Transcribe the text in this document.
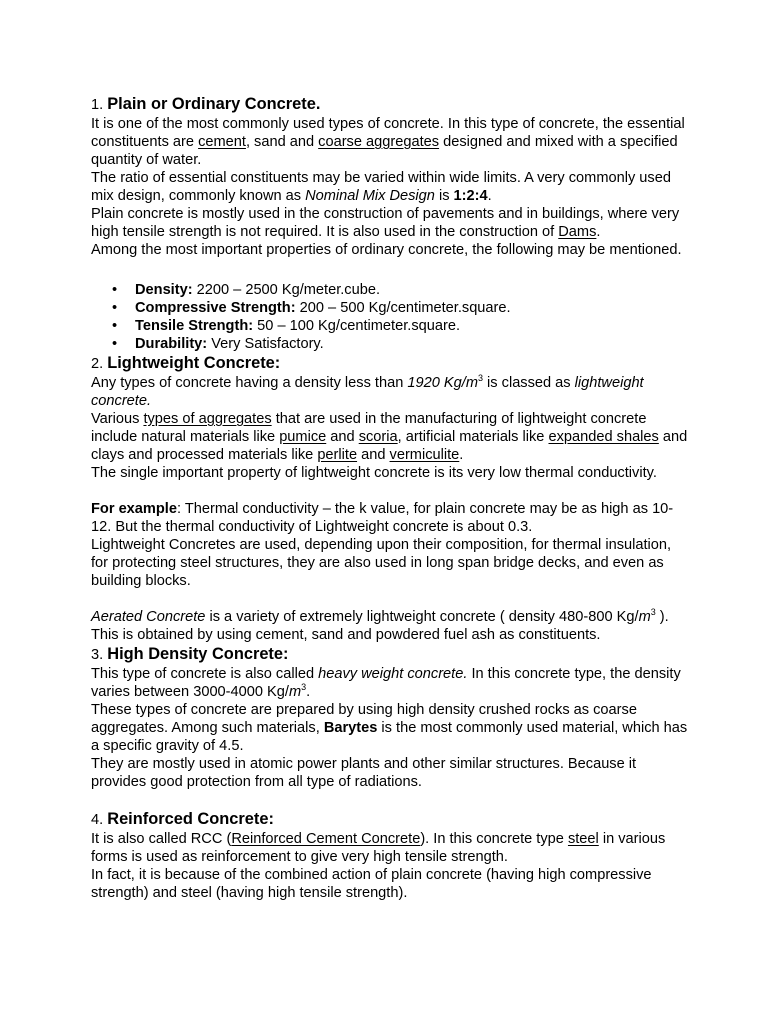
1. Plain or Ordinary Concrete.

It is one of the most commonly used types of concrete. In this type of concrete, the essential constituents are cement, sand and coarse aggregates designed and mixed with a specified quantity of water.

The ratio of essential constituents may be varied within wide limits. A very commonly used mix design, commonly known as Nominal Mix Design is 1:2:4.

Plain concrete is mostly used in the construction of pavements and in buildings, where very high tensile strength is not required. It is also used in the construction of Dams.

Among the most important properties of ordinary concrete, the following may be mentioned.

• Density: 2200 – 2500 Kg/meter.cube.
• Compressive Strength: 200 – 500 Kg/centimeter.square.
• Tensile Strength: 50 – 100 Kg/centimeter.square.
• Durability: Very Satisfactory.
2. Lightweight Concrete:

Any types of concrete having a density less than 1920 $Kg/m^3$ is classed as lightweight concrete.

Various types of aggregates that are used in the manufacturing of lightweight concrete include natural materials like pumice and scoria, artificial materials like expanded shales and clays and processed materials like perlite and vermiculite.

The single important property of lightweight concrete is its very low thermal conductivity.

For example: Thermal conductivity – the k value, for plain concrete may be as high as 10-12. But the thermal conductivity of Lightweight concrete is about 0.3.

Lightweight Concretes are used, depending upon their composition, for thermal insulation, for protecting steel structures, they are also used in long span bridge decks, and even as building blocks.

Aerated Concrete is a variety of extremely lightweight concrete ( density 480-800 $Kg/m^3$ ). This is obtained by using cement, sand and powdered fuel ash as constituents.

3. High Density Concrete:

This type of concrete is also called heavy weight concrete. In this concrete type, the density varies between 3000-4000 $Kg/m^3$.

These types of concrete are prepared by using high density crushed rocks as coarse aggregates. Among such materials, Barytes is the most commonly used material, which has a specific gravity of 4.5.

They are mostly used in atomic power plants and other similar structures. Because it provides good protection from all type of radiations.

4. Reinforced Concrete:

It is also called RCC (Reinforced Cement Concrete). In this concrete type steel in various forms is used as reinforcement to give very high tensile strength.

In fact, it is because of the combined action of plain concrete (having high compressive strength) and steel (having high tensile strength).
